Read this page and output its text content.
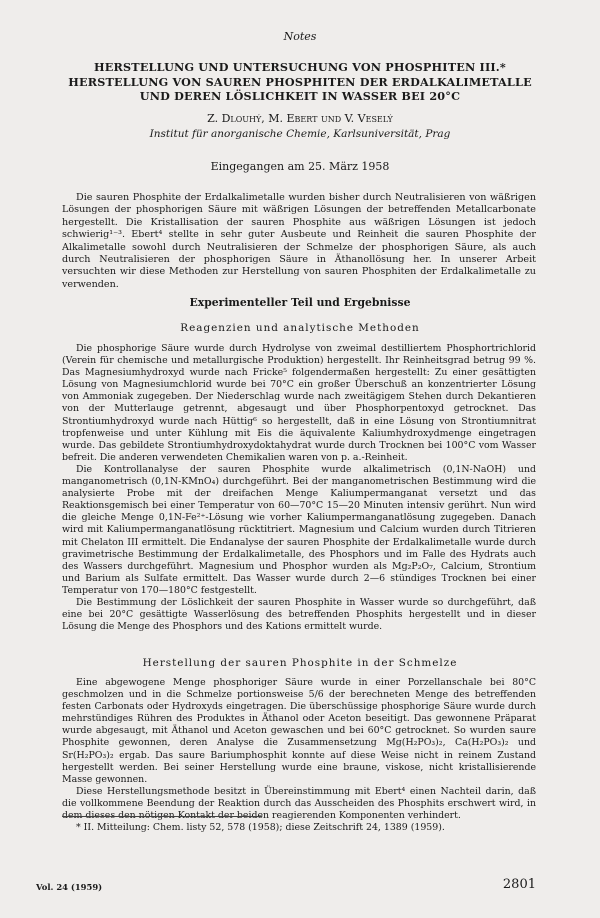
Notes
HERSTELLUNG UND UNTERSUCHUNG VON PHOSPHITEN III.*
HERSTELLUNG VON SAUREN PHOSPHITEN DER ERDALKALIMETALLE
UND DEREN LÖSLICHKEIT IN WASSER BEI 20°C
Z. Dlouhý, M. Ebert und V. Veselý
Institut für anorganische Chemie, Karlsuniversität, Prag
Eingegangen am 25. März 1958
Die sauren Phosphite der Erdalkalimetalle wurden bisher durch Neutralisieren von wäßrigen Lösungen der phosphorigen Säure mit wäßrigen Lösungen der betreffenden Metallcarbonate hergestellt. Die Kristallisation der sauren Phosphite aus wäßrigen Lösungen ist jedoch schwierig¹⁻³. Ebert⁴ stellte in sehr guter Ausbeute und Reinheit die sauren Phosphite der Alkalimetalle sowohl durch Neutralisieren der Schmelze der phosphorigen Säure, als auch durch Neutralisieren der phosphorigen Säure in Äthanollösung her. In unserer Arbeit versuchten wir diese Methoden zur Herstellung von sauren Phosphiten der Erdalkalimetalle zu verwenden.
Experimenteller Teil und Ergebnisse
Reagenzien und analytische Methoden

Die phosphorige Säure wurde durch Hydrolyse von zweimal destilliertem Phosphortrichlorid (Verein für chemische und metallurgische Produktion) hergestellt. Ihr Reinheitsgrad betrug 99 %. Das Magnesiumhydroxyd wurde nach Fricke⁵ folgendermaßen hergestellt: Zu einer gesättigten Lösung von Magnesiumchlorid wurde bei 70°C ein großer Überschuß an konzentrierter Lösung von Ammoniak zugegeben. Der Niederschlag wurde nach zweitägigem Stehen durch Dekantieren von der Mutterlauge getrennt, abgesaugt und über Phosphorpentoxyd getrocknet. Das Strontiumhydroxyd wurde nach Hüttig⁶ so hergestellt, daß in eine Lösung von Strontiumnitrat tropfenweise und unter Kühlung mit Eis die äquivalente Kaliumhydroxydmenge eingetragen wurde. Das gebildete Strontiumhydroxydoktahydrat wurde durch Trocknen bei 100°C vom Wasser befreit. Die anderen verwendeten Chemikalien waren von p. a.-Reinheit.

Die Kontrollanalyse der sauren Phosphite wurde alkalimetrisch (0,1N-NaOH) und manganometrisch (0,1N-KMnO₄) durchgeführt. Bei der manganometrischen Bestimmung wird die analysierte Probe mit der dreifachen Menge Kaliumpermanganat versetzt und das Reaktionsgemisch bei einer Temperatur von 60—70°C 15—20 Minuten intensiv gerührt. Nun wird die gleiche Menge 0,1N-Fe²⁺-Lösung wie vorher Kaliumpermanganatlösung zugegeben. Danach wird mit Kaliumpermanganatlösung rücktitriert. Magnesium und Calcium wurden durch Titrieren mit Chelaton III ermittelt. Die Endanalyse der sauren Phosphite der Erdalkalimetalle wurde durch gravimetrische Bestimmung der Erdalkalimetalle, des Phosphors und im Falle des Hydrats auch des Wassers durchgeführt. Magnesium und Phosphor wurden als Mg₂P₂O₇, Calcium, Strontium und Barium als Sulfate ermittelt. Das Wasser wurde durch 2—6 stündiges Trocknen bei einer Temperatur von 170—180°C festgestellt.

Die Bestimmung der Löslichkeit der sauren Phosphite in Wasser wurde so durchgeführt, daß eine bei 20°C gesättigte Wasserlösung des betreffenden Phosphits hergestellt und in dieser Lösung die Menge des Phosphors und des Kations ermittelt wurde.

Herstellung der sauren Phosphite in der Schmelze

Eine abgewogene Menge phosphoriger Säure wurde in einer Porzellanschale bei 80°C geschmolzen und in die Schmelze portionsweise 5/6 der berechneten Menge des betreffenden festen Carbonats oder Hydroxyds eingetragen. Die überschüssige phosphorige Säure wurde durch mehrstündiges Rühren des Produktes in Äthanol oder Aceton beseitigt. Das gewonnene Präparat wurde abgesaugt, mit Äthanol und Aceton gewaschen und bei 60°C getrocknet. So wurden saure Phosphite gewonnen, deren Analyse die Zusammensetzung Mg(H₂PO₃)₂, Ca(H₂PO₃)₂ und Sr(H₂PO₃)₂ ergab. Das saure Bariumphosphit konnte auf diese Weise nicht in reinem Zustand hergestellt werden. Bei seiner Herstellung wurde eine braune, viskose, nicht kristallisierende Masse gewonnen.

Diese Herstellungsmethode besitzt in Übereinstimmung mit Ebert⁴ einen Nachteil darin, daß die vollkommene Beendung der Reaktion durch das Ausscheiden des Phosphits erschwert wird, in dem dieses den nötigen Kontakt der beiden reagierenden Komponenten verhindert.

* II. Mitteilung: Chem. listy 52, 578 (1958); diese Zeitschrift 24, 1389 (1959).
Vol. 24 (1959)	2801
